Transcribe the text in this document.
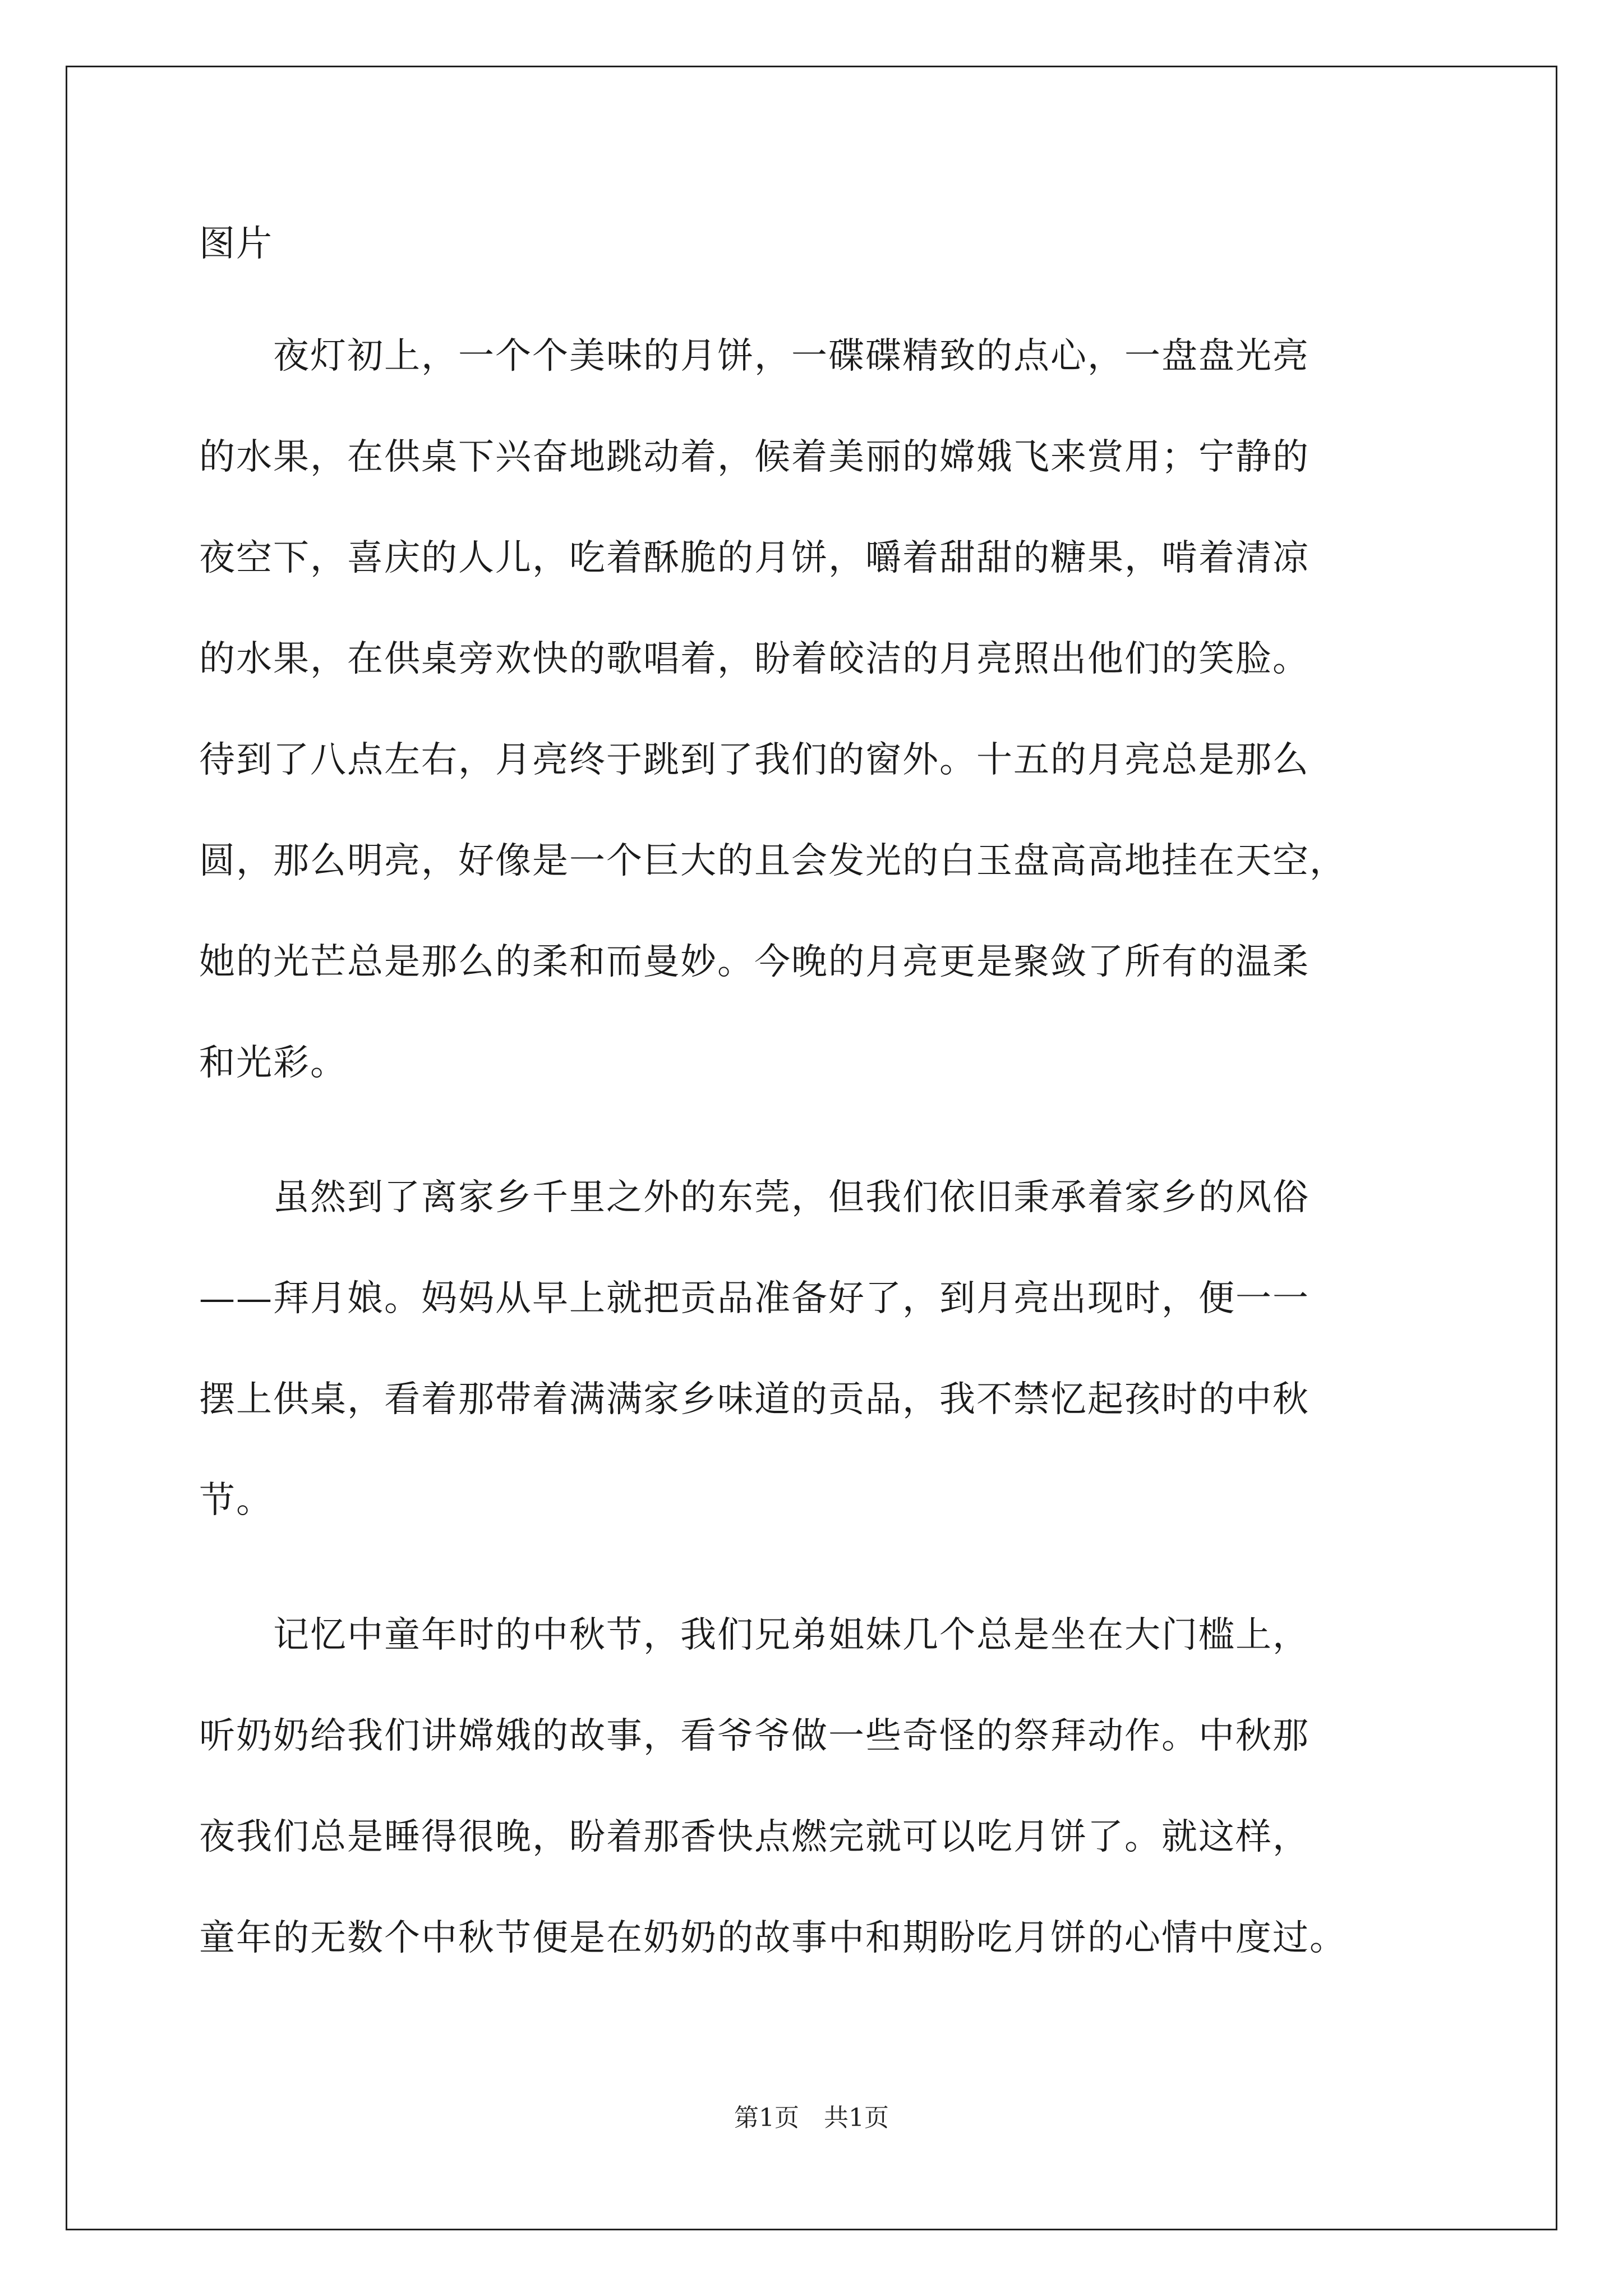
图片
　　夜灯初上，一个个美味的月饼，一碟碟精致的点心，一盘盘光亮
的水果，在供桌下兴奋地跳动着，候着美丽的嫦娥飞来赏用；宁静的
夜空下，喜庆的人儿，吃着酥脆的月饼，嚼着甜甜的糖果，啃着清凉
的水果，在供桌旁欢快的歌唱着，盼着皎洁的月亮照出他们的笑脸。
待到了八点左右，月亮终于跳到了我们的窗外。十五的月亮总是那么
圆，那么明亮，好像是一个巨大的且会发光的白玉盘高高地挂在天空，
她的光芒总是那么的柔和而曼妙。今晚的月亮更是聚敛了所有的温柔
和光彩。
　　虽然到了离家乡千里之外的东莞，但我们依旧秉承着家乡的风俗
——拜月娘。妈妈从早上就把贡品准备好了，到月亮出现时，便一一
摆上供桌，看着那带着满满家乡味道的贡品，我不禁忆起孩时的中秋
节。
　　记忆中童年时的中秋节，我们兄弟姐妹几个总是坐在大门槛上，
听奶奶给我们讲嫦娥的故事，看爷爷做一些奇怪的祭拜动作。中秋那
夜我们总是睡得很晚，盼着那香快点燃完就可以吃月饼了。就这样，
童年的无数个中秋节便是在奶奶的故事中和期盼吃月饼的心情中度过。
第1页　共1页
